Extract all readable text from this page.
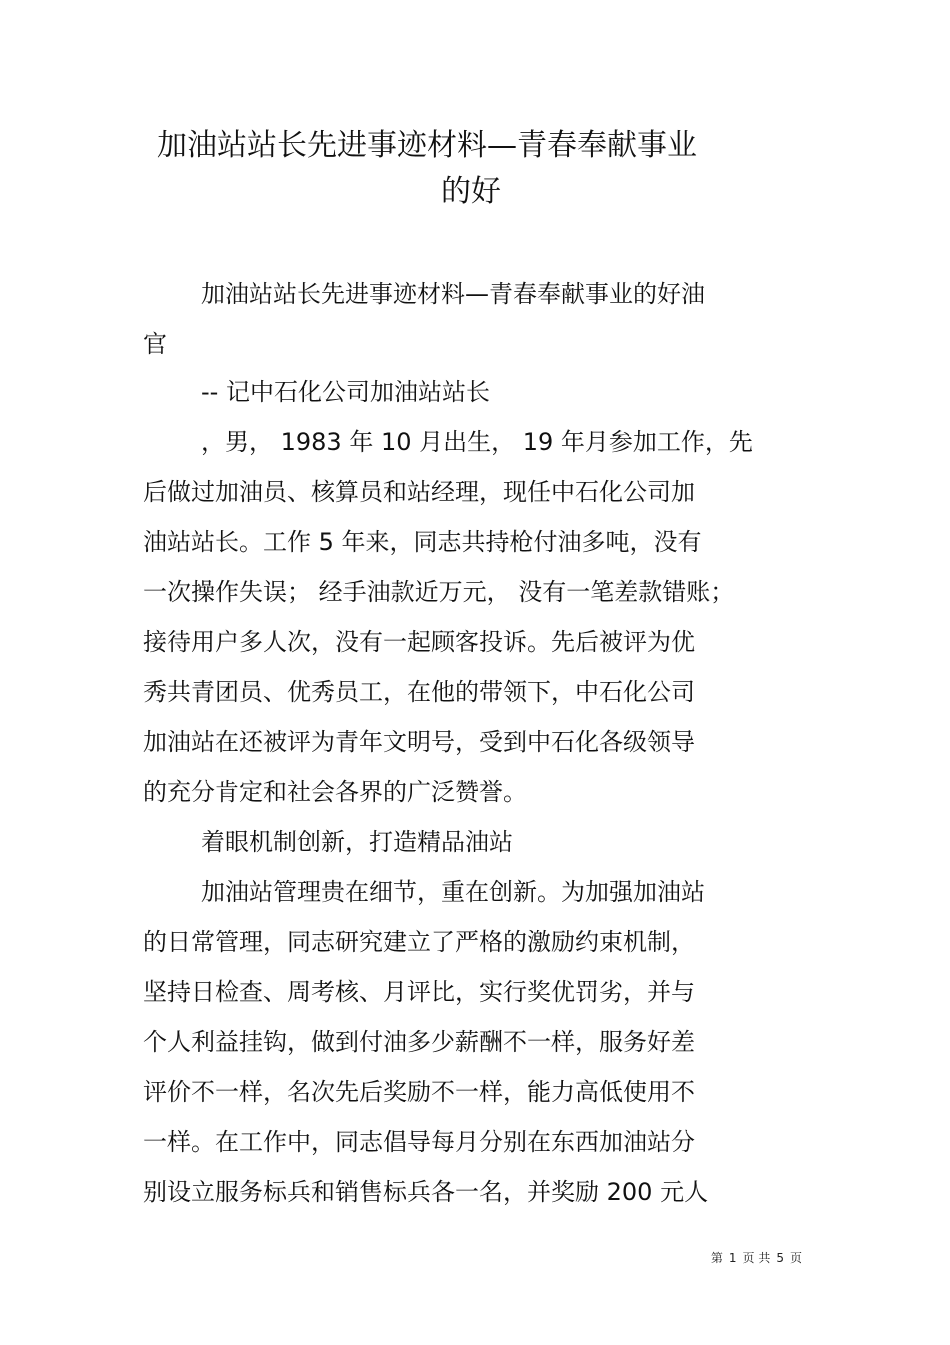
加油站站长先进事迹材料—青春奉献事业
的好

加油站站长先进事迹材料—青春奉献事业的好油

官

-- 记中石化公司加油站站长

，男， 1983 年 10 月出生， 19 年月参加工作，先

后做过加油员、核算员和站经理，现任中石化公司加

油站站长。工作 5 年来，同志共持枪付油多吨，没有

一次操作失误； 经手油款近万元， 没有一笔差款错账；

接待用户多人次，没有一起顾客投诉。先后被评为优

秀共青团员、优秀员工，在他的带领下，中石化公司

加油站在还被评为青年文明号，受到中石化各级领导

的充分肯定和社会各界的广泛赞誉。

着眼机制创新，打造精品油站

加油站管理贵在细节，重在创新。为加强加油站

的日常管理，同志研究建立了严格的激励约束机制，

坚持日检查、周考核、月评比，实行奖优罚劣，并与

个人利益挂钩，做到付油多少薪酬不一样，服务好差

评价不一样，名次先后奖励不一样，能力高低使用不

一样。在工作中，同志倡导每月分别在东西加油站分

别设立服务标兵和销售标兵各一名，并奖励 200 元人

第 1 页 共 5 页
